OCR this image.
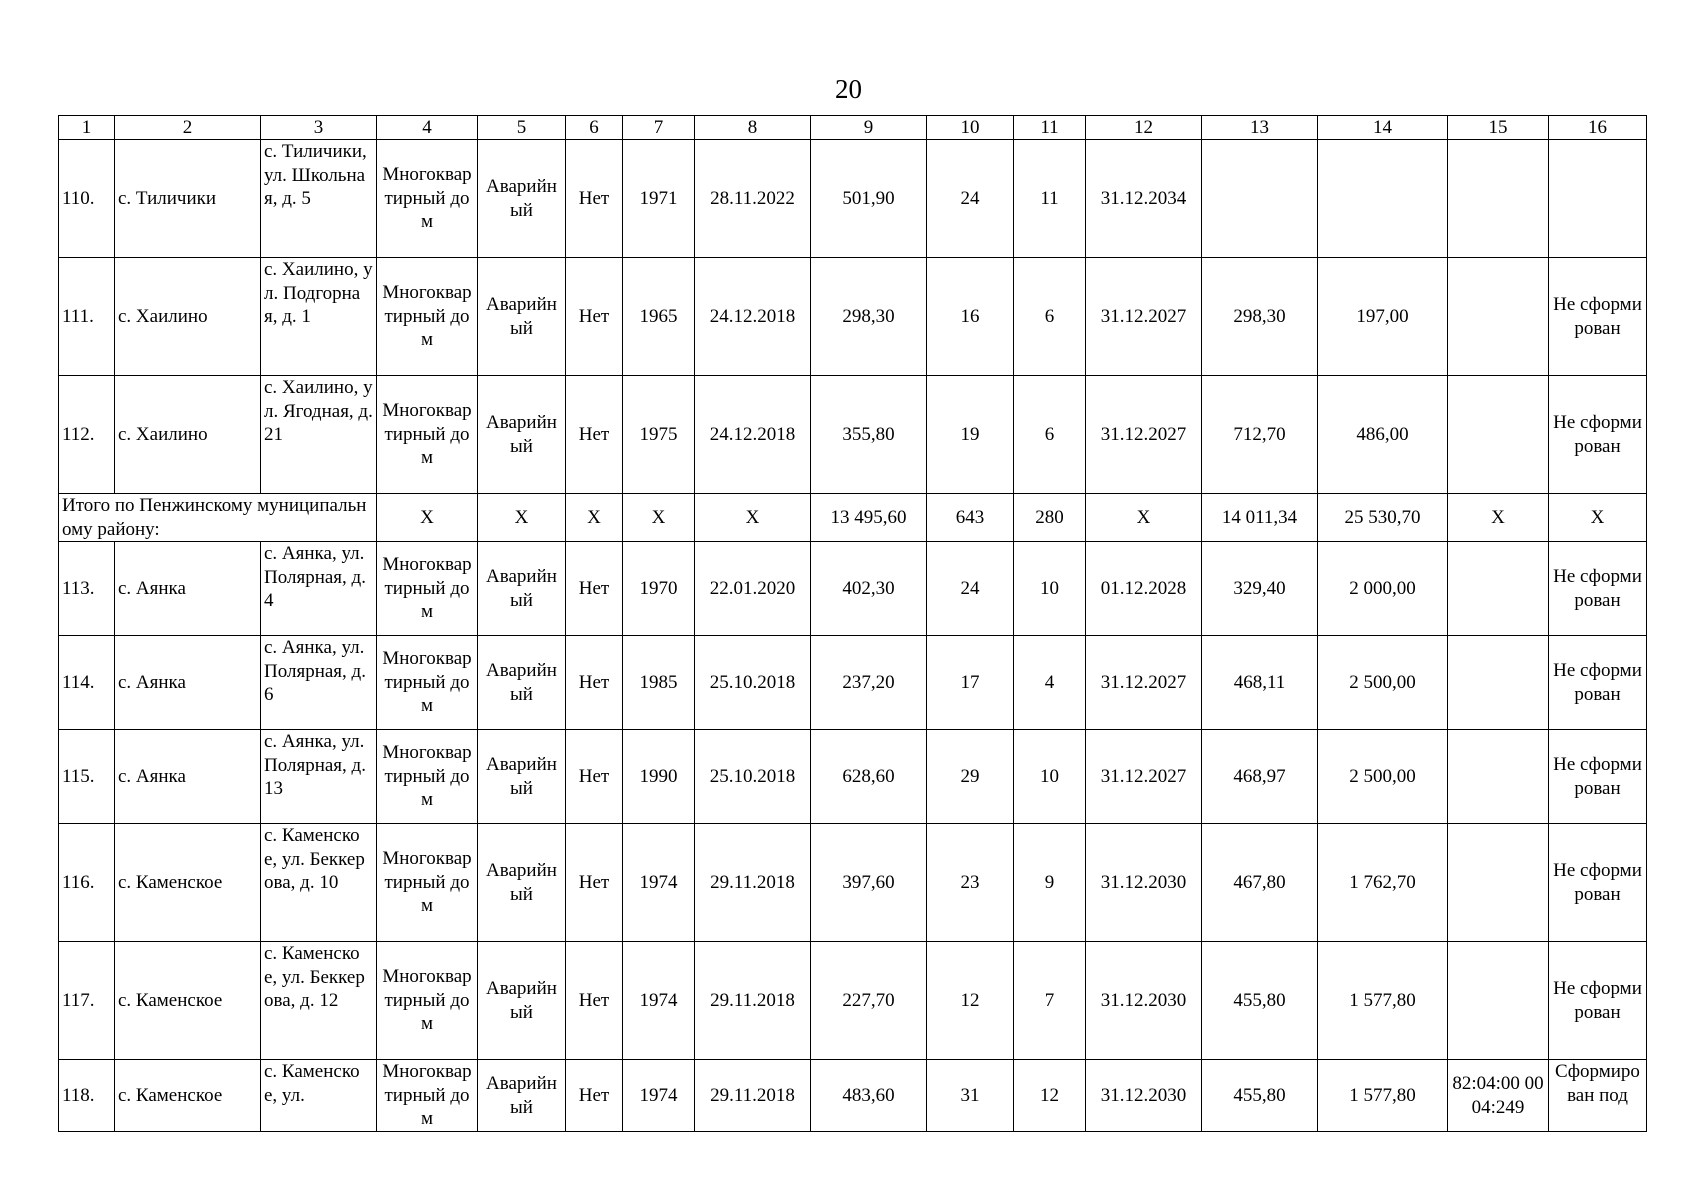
20
1	2	3	4	5	6	7	8	9	10	11	12	13	14	15	16
110.	с. Тиличики	с. Тиличики, ул. Школьная, д. 5	Многоквартирный дом	Аварийный	Нет	1971	28.11.2022	501,90	24	11	31.12.2034				
111.	с. Хаилино	с. Хаилино, ул. Подгорная, д. 1	Многоквартирный дом	Аварийный	Нет	1965	24.12.2018	298,30	16	6	31.12.2027	298,30	197,00		Не сформирован
112.	с. Хаилино	с. Хаилино, ул. Ягодная, д. 21	Многоквартирный дом	Аварийный	Нет	1975	24.12.2018	355,80	19	6	31.12.2027	712,70	486,00		Не сформирован
Итого по Пенжинскому муниципальному району:			Х	Х	Х	Х	Х	13 495,60	643	280	Х	14 011,34	25 530,70	Х	Х
113.	с. Аянка	с. Аянка, ул. Полярная, д. 4	Многоквартирный дом	Аварийный	Нет	1970	22.01.2020	402,30	24	10	01.12.2028	329,40	2 000,00		Не сформирован
114.	с. Аянка	с. Аянка, ул. Полярная, д. 6	Многоквартирный дом	Аварийный	Нет	1985	25.10.2018	237,20	17	4	31.12.2027	468,11	2 500,00		Не сформирован
115.	с. Аянка	с. Аянка, ул. Полярная, д. 13	Многоквартирный дом	Аварийный	Нет	1990	25.10.2018	628,60	29	10	31.12.2027	468,97	2 500,00		Не сформирован
116.	с. Каменское	с. Каменское, ул. Беккерова, д. 10	Многоквартирный дом	Аварийный	Нет	1974	29.11.2018	397,60	23	9	31.12.2030	467,80	1 762,70		Не сформирован
117.	с. Каменское	с. Каменское, ул. Беккерова, д. 12	Многоквартирный дом	Аварийный	Нет	1974	29.11.2018	227,70	12	7	31.12.2030	455,80	1 577,80		Не сформирован
118.	с. Каменское	с. Каменское, ул.	Многоквартирный дом	Аварийный	Нет	1974	29.11.2018	483,60	31	12	31.12.2030	455,80	1 577,80	82:04:00 0004:249	Сформирован под
